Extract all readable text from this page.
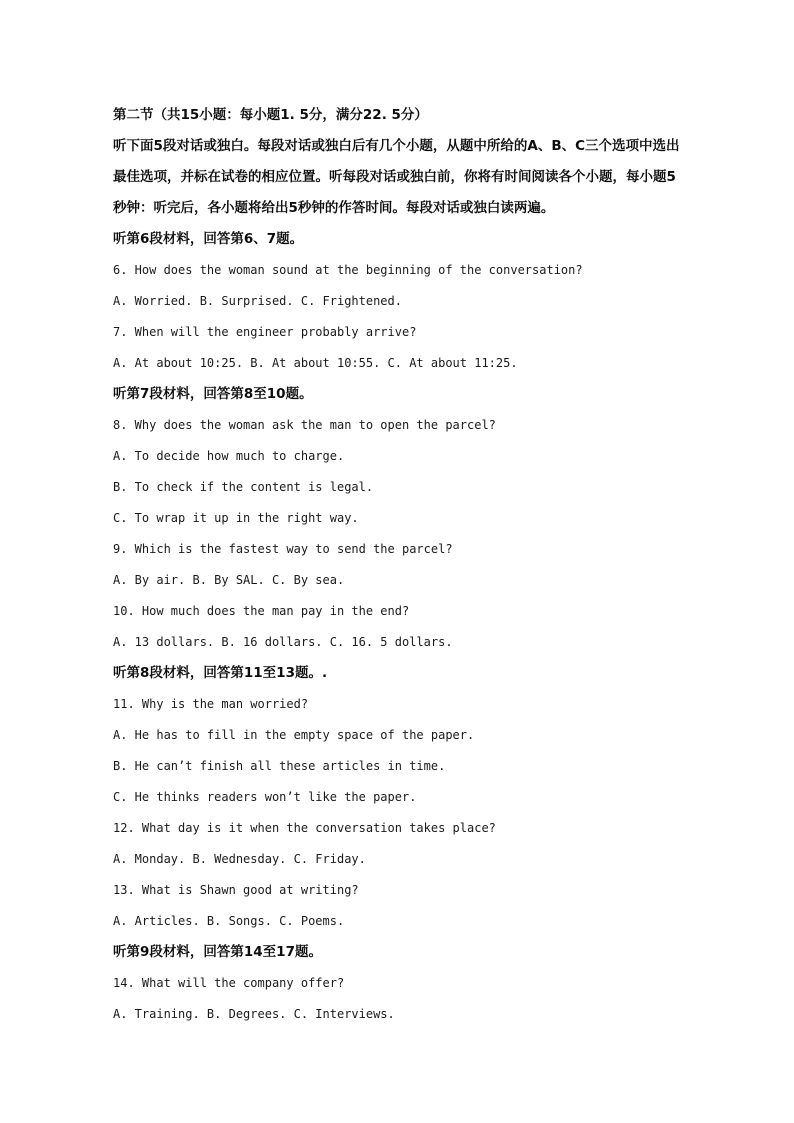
第二节（共15小题：每小题1. 5分，满分22. 5分）

听下面5段对话或独白。每段对话或独白后有几个小题，从题中所给的A、B、C三个选项中选出

最佳选项，并标在试卷的相应位置。听每段对话或独白前，你将有时间阅读各个小题，每小题5

秒钟：听完后，各小题将给出5秒钟的作答时间。每段对话或独白读两遍。

听第6段材料，回答第6、7题。

6. How does the woman sound at the beginning of the conversation?

A. Worried. B. Surprised. C. Frightened.

7. When will the engineer probably arrive?

A. At about 10:25. B. At about 10:55. C. At about 11:25.

听第7段材料，回答第8至10题。

8. Why does the woman ask the man to open the parcel?

A. To decide how much to charge.

B. To check if the content is legal.

C. To wrap it up in the right way.

9. Which is the fastest way to send the parcel?

A. By air. B. By SAL. C. By sea.

10. How much does the man pay in the end?

A. 13 dollars. B. 16 dollars. C. 16. 5 dollars.

听第8段材料，回答第11至13题。.

11. Why is the man worried?

A. He has to fill in the empty space of the paper.

B. He can’t finish all these articles in time.

C. He thinks readers won’t like the paper.

12. What day is it when the conversation takes place?

A. Monday. B. Wednesday. C. Friday.

13. What is Shawn good at writing?

A. Articles. B. Songs. C. Poems.

听第9段材料，回答第14至17题。

14. What will the company offer?

A. Training. B. Degrees. C. Interviews.
